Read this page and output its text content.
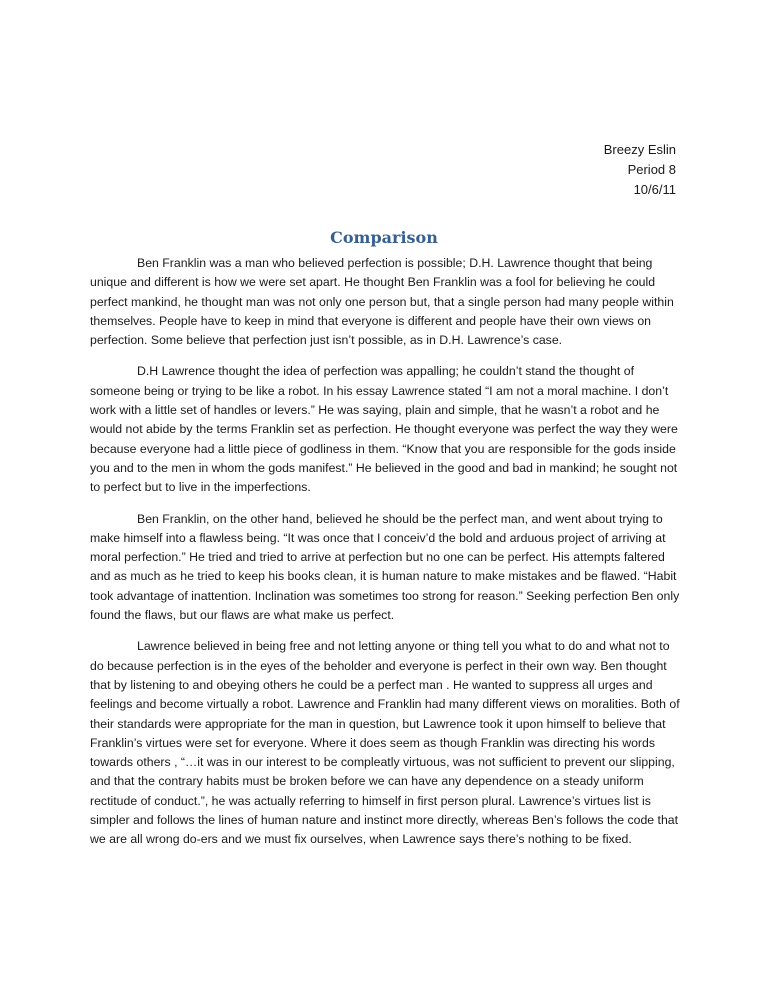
Breezy Eslin
Period 8
10/6/11
Comparison

Ben Franklin was a man who believed perfection is possible; D.H. Lawrence thought that being unique and different is how we were set apart. He thought Ben Franklin was a fool for believing he could perfect mankind, he thought man was not only one person but, that a single person had many people within themselves. People have to keep in mind that everyone is different and people have their own views on perfection. Some believe that perfection just isn’t possible, as in D.H. Lawrence’s case.

D.H Lawrence thought the idea of perfection was appalling; he couldn’t stand the thought of someone being or trying to be like a robot. In his essay Lawrence stated “I am not a moral machine. I don’t work with a little set of handles or levers.” He was saying, plain and simple, that he wasn’t a robot and he would not abide by the terms Franklin set as perfection. He thought everyone was perfect the way they were because everyone had a little piece of godliness in them. “Know that you are responsible for the gods inside you and to the men in whom the gods manifest.” He believed in the good and bad in mankind; he sought not to perfect but to live in the imperfections.

Ben Franklin, on the other hand, believed he should be the perfect man, and went about trying to make himself into a flawless being. “It was once that I conceiv’d the bold and arduous project of arriving at moral perfection.” He tried and tried to arrive at perfection but no one can be perfect. His attempts faltered and as much as he tried to keep his books clean, it is human nature to make mistakes and be flawed. “Habit took advantage of inattention. Inclination was sometimes too strong for reason.” Seeking perfection Ben only found the flaws, but our flaws are what make us perfect.

Lawrence believed in being free and not letting anyone or thing tell you what to do and what not to do because perfection is in the eyes of the beholder and everyone is perfect in their own way. Ben thought that by listening to and obeying others he could be a perfect man . He wanted to suppress all urges and feelings and become virtually a robot. Lawrence and Franklin had many different views on moralities. Both of their standards were appropriate for the man in question, but Lawrence took it upon himself to believe that Franklin’s virtues were set for everyone. Where it does seem as though Franklin was directing his words towards others , “…it was in our interest to be compleatly virtuous, was not sufficient to prevent our slipping, and that the contrary habits must be broken before we can have any dependence on a steady uniform rectitude of conduct.”, he was actually referring to himself in first person plural. Lawrence’s virtues list is simpler and follows the lines of human nature and instinct more directly, whereas Ben’s follows the code that we are all wrong do-ers and we must fix ourselves, when Lawrence says there’s nothing to be fixed.
